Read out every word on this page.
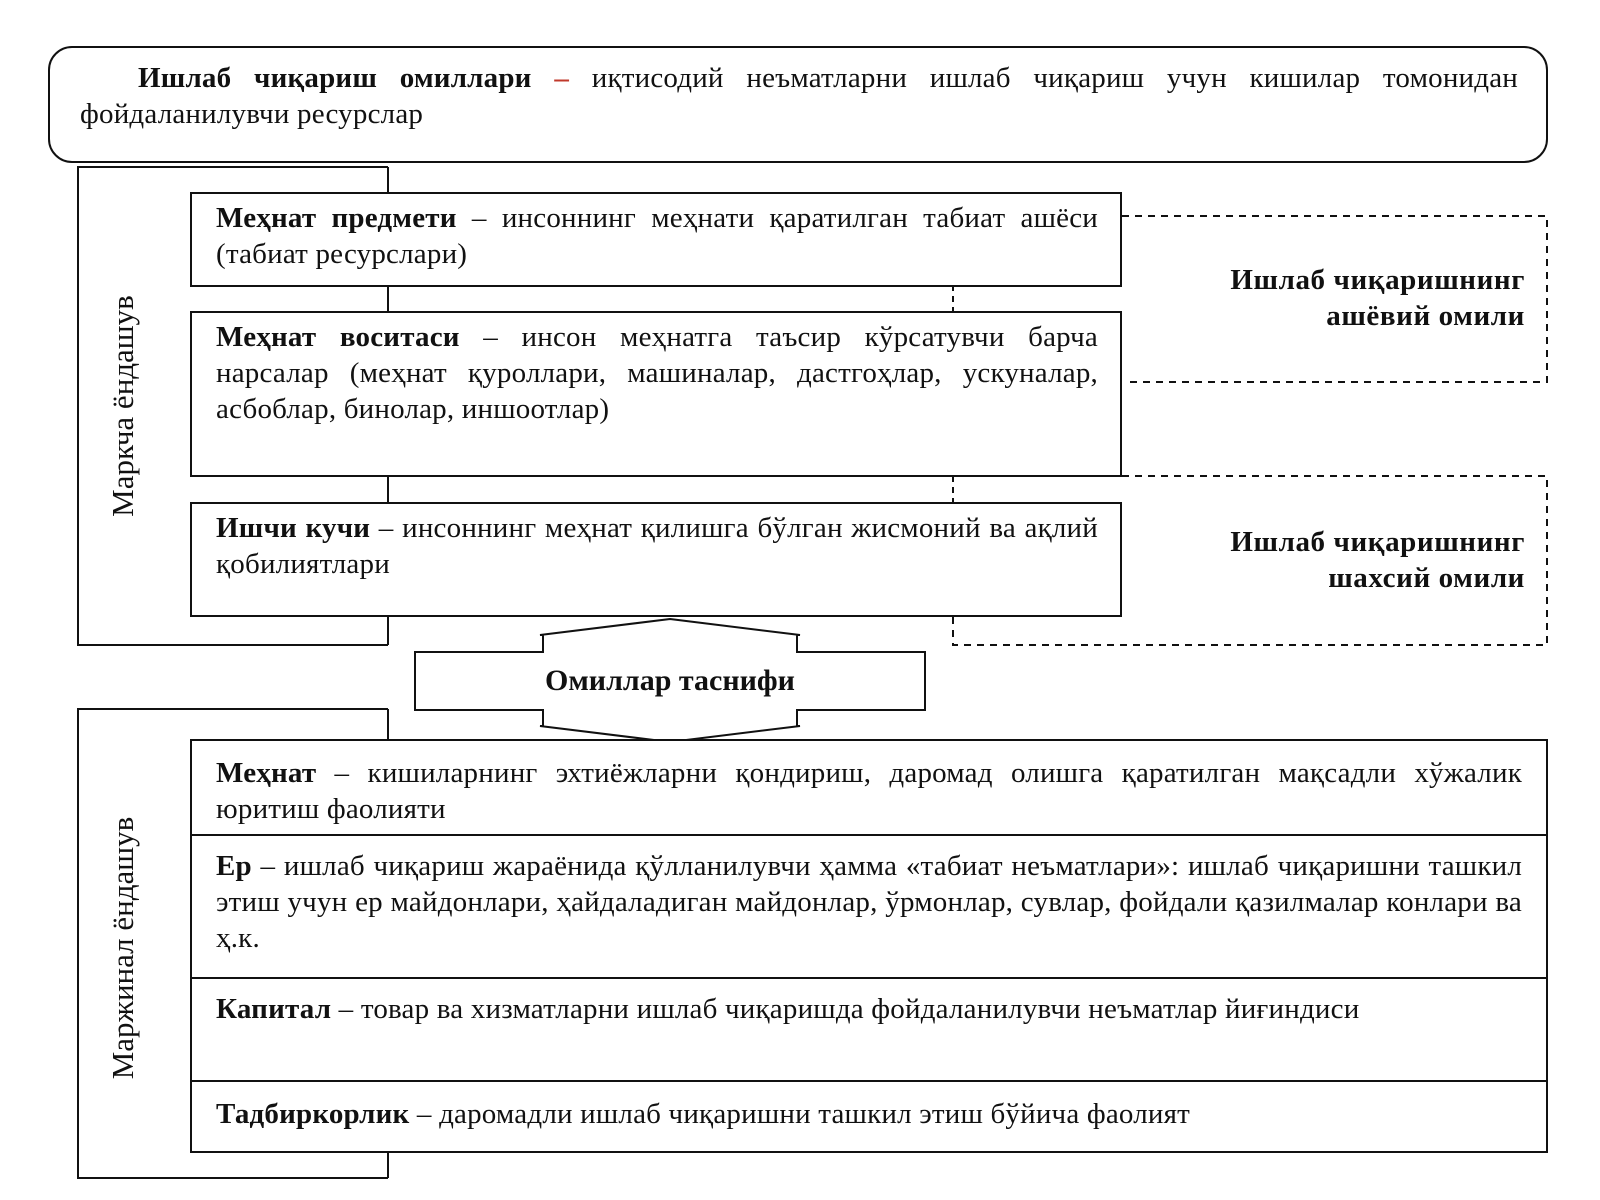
Ишлаб чиқариш омиллари – иқтисодий неъматларни ишлаб чиқариш учун кишилар томонидан фойдаланилувчи ресурслар
Маркча ёндашув
Меҳнат предмети – инсоннинг меҳнати қаратилган табиат ашёси (табиат ресурслари)
Меҳнат воситаси – инсон меҳнатга таъсир кўрсатувчи барча нарсалар (меҳнат қуроллари, машиналар, дастгоҳлар, ускуналар, асбоблар, бинолар, иншоотлар)
Ишчи кучи – инсоннинг меҳнат қилишга бўлган жисмоний ва ақлий қобилиятлари
Ишлаб чиқаришнинг
ашёвий омили
Ишлаб чиқаришнинг
шахсий омили
Омиллар таснифи
Маржинал ёндашув
Меҳнат – кишиларнинг эхтиёжларни қондириш, даромад олишга қаратилган мақсадли хўжалик юритиш фаолияти
Ер – ишлаб чиқариш жараёнида қўлланилувчи ҳамма «табиат неъматлари»: ишлаб чиқаришни ташкил этиш учун ер майдонлари, ҳайдаладиган майдонлар, ўрмонлар, сувлар, фойдали қазилмалар конлари ва ҳ.к.
Капитал – товар ва хизматларни ишлаб чиқаришда фойдаланилувчи неъматлар йиғиндиси
Тадбиркорлик – даромадли ишлаб чиқаришни ташкил этиш бўйича фаолият
